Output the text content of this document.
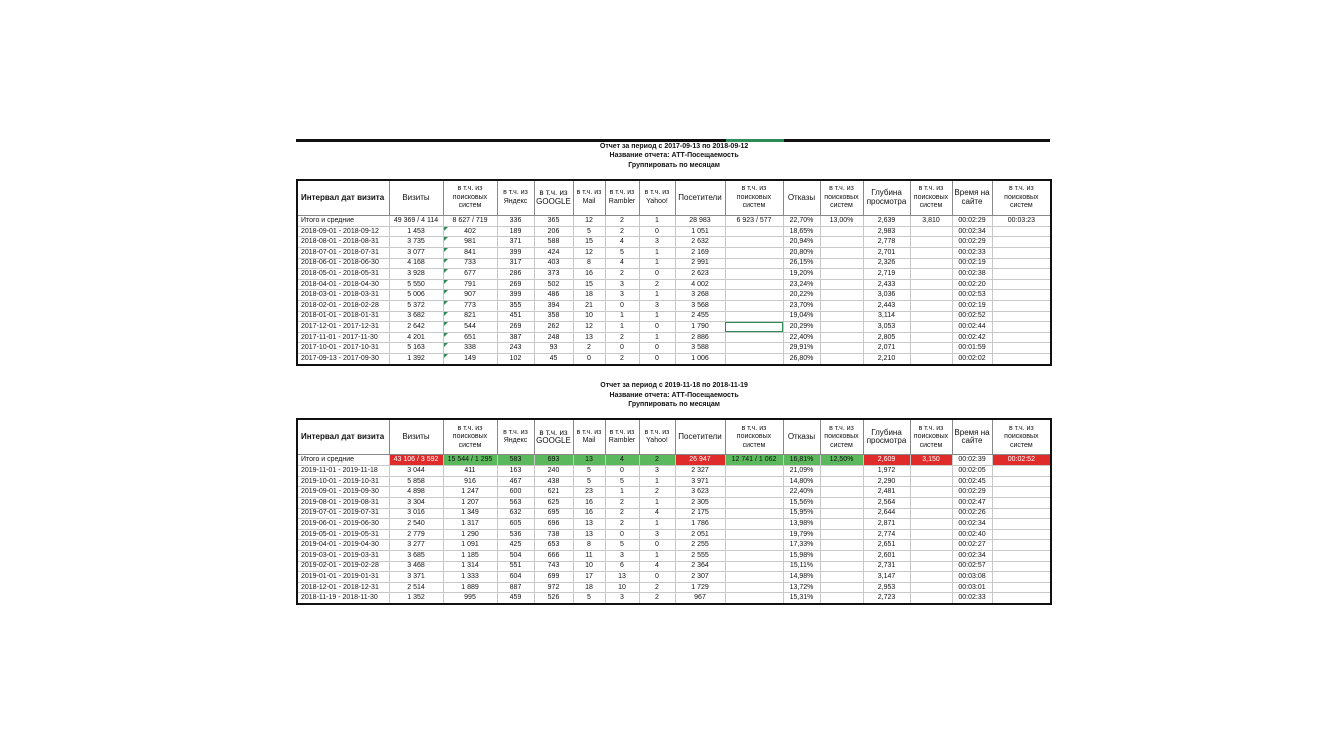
Отчет за период с 2017-09-13 по 2018-09-12															
Название отчета: АТТ-Посещаемость															
Группировать по месяцам															

Интервал дат визита	Визиты	в т.ч. из поисковых систем	в т.ч. из Яндекс	в т.ч. из GOOGLE	в т.ч. из Mail	в т.ч. из Rambler	в т.ч. из Yahoo!	Посетители	в т.ч. из поисковых систем	Отказы	в т.ч. из поисковых систем	Глубина просмотра	в т.ч. из поисковых систем	Время на сайте	в т.ч. из поисковых систем
Итого и средние	49 369 / 4 114	8 627 / 719	336	365	12	2	1	28 983	6 923 / 577	22,70%	13,00%	2,639	3,810	00:02:29	00:03:23
2018-09-01 - 2018-09-12	1 453	402	189	206	5	2	0	1 051		18,65%		2,983		00:02:34	
2018-08-01 - 2018-08-31	3 735	981	371	588	15	4	3	2 632		20,94%		2,778		00:02:29	
2018-07-01 - 2018-07-31	3 077	841	399	424	12	5	1	2 169		20,80%		2,701		00:02:33	
2018-06-01 - 2018-06-30	4 168	733	317	403	8	4	1	2 991		26,15%		2,326		00:02:19	
2018-05-01 - 2018-05-31	3 928	677	286	373	16	2	0	2 623		19,20%		2,719		00:02:38	
2018-04-01 - 2018-04-30	5 550	791	269	502	15	3	2	4 002		23,24%		2,433		00:02:20	
2018-03-01 - 2018-03-31	5 006	907	399	486	18	3	1	3 268		20,22%		3,036		00:02:53	
2018-02-01 - 2018-02-28	5 372	773	355	394	21	0	3	3 568		23,70%		2,443		00:02:19	
2018-01-01 - 2018-01-31	3 682	821	451	358	10	1	1	2 455		19,04%		3,114		00:02:52	
2017-12-01 - 2017-12-31	2 642	544	269	262	12	1	0	1 790		20,29%		3,053		00:02:44	
2017-11-01 - 2017-11-30	4 201	651	387	248	13	2	1	2 886		22,40%		2,805		00:02:42	
2017-10-01 - 2017-10-31	5 163	338	243	93	2	0	0	3 588		29,91%		2,071		00:01:59	
2017-09-13 - 2017-09-30	1 392	149	102	45	0	2	0	1 006		26,80%		2,210		00:02:02	

Отчет за период с 2019-11-18 по 2018-11-19															
Название отчета: АТТ-Посещаемость															
Группировать по месяцам															

Интервал дат визита	Визиты	в т.ч. из поисковых систем	в т.ч. из Яндекс	в т.ч. из GOOGLE	в т.ч. из Mail	в т.ч. из Rambler	в т.ч. из Yahoo!	Посетители	в т.ч. из поисковых систем	Отказы	в т.ч. из поисковых систем	Глубина просмотра	в т.ч. из поисковых систем	Время на сайте	в т.ч. из поисковых систем
Итого и средние	43 106 / 3 592	15 544 / 1 295	583	693	13	4	2	26 947	12 741 / 1 062	16,81%	12,50%	2,609	3,150	00:02:39	00:02:52
2019-11-01 - 2019-11-18	3 044	411	163	240	5	0	3	2 327		21,09%		1,972		00:02:05	
2019-10-01 - 2019-10-31	5 858	916	467	438	5	5	1	3 971		14,80%		2,290		00:02:45	
2019-09-01 - 2019-09-30	4 898	1 247	600	621	23	1	2	3 623		22,40%		2,481		00:02:29	
2019-08-01 - 2019-08-31	3 304	1 207	563	625	16	2	1	2 305		15,56%		2,564		00:02:47	
2019-07-01 - 2019-07-31	3 016	1 349	632	695	16	2	4	2 175		15,95%		2,644		00:02:26	
2019-06-01 - 2019-06-30	2 540	1 317	605	696	13	2	1	1 786		13,98%		2,871		00:02:34	
2019-05-01 - 2019-05-31	2 779	1 290	536	738	13	0	3	2 051		19,79%		2,774		00:02:40	
2019-04-01 - 2019-04-30	3 277	1 091	425	653	8	5	0	2 255		17,33%		2,651		00:02:27	
2019-03-01 - 2019-03-31	3 685	1 185	504	666	11	3	1	2 555		15,98%		2,601		00:02:34	
2019-02-01 - 2019-02-28	3 468	1 314	551	743	10	6	4	2 364		15,11%		2,731		00:02:57	
2019-01-01 - 2019-01-31	3 371	1 333	604	699	17	13	0	2 307		14,98%		3,147		00:03:08	
2018-12-01 - 2018-12-31	2 514	1 889	887	972	18	10	2	1 729		13,72%		2,953		00:03:01	
2018-11-19 - 2018-11-30	1 352	995	459	526	5	3	2	967		15,31%		2,723		00:02:33	
